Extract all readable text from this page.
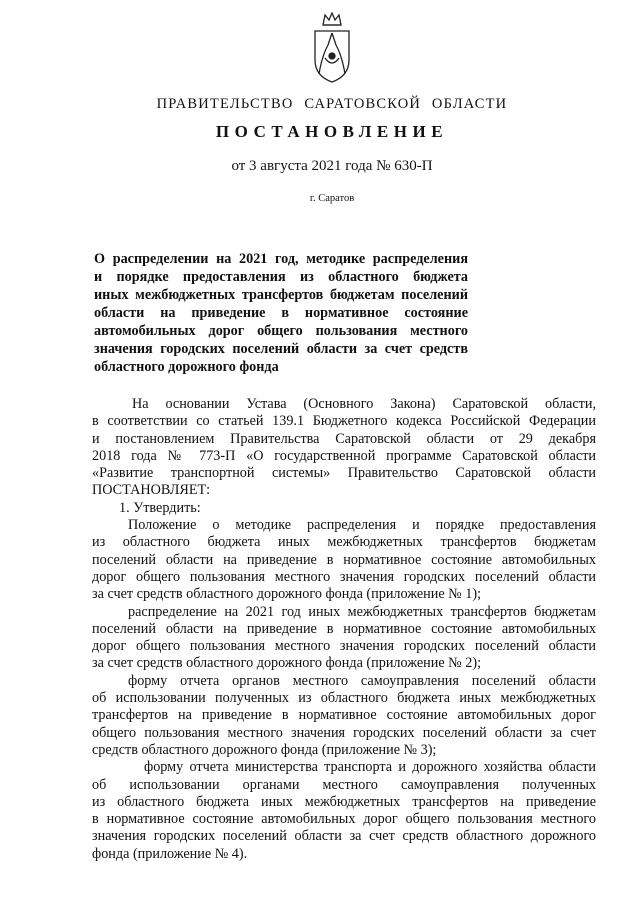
ПРАВИТЕЛЬСТВО САРАТОВСКОЙ ОБЛАСТИ
ПОСТАНОВЛЕНИЕ
от 3 августа 2021 года № 630-П
г. Саратов
О распределении на 2021 год, методике распределения
и порядке предоставления из областного бюджета
иных межбюджетных трансфертов бюджетам поселений
области на приведение в нормативное состояние
автомобильных дорог общего пользования местного
значения городских поселений области за счет средств
областного дорожного фонда
На основании Устава (Основного Закона) Саратовской области,
в соответствии со статьей 139.1 Бюджетного кодекса Российской Федерации
и постановлением Правительства Саратовской области от 29 декабря
2018 года № 773-П «О государственной программе Саратовской области
«Развитие транспортной системы» Правительство Саратовской области
ПОСТАНОВЛЯЕТ:
1. Утвердить:
Положение о методике распределения и порядке предоставления
из областного бюджета иных межбюджетных трансфертов бюджетам
поселений области на приведение в нормативное состояние автомобильных
дорог общего пользования местного значения городских поселений области
за счет средств областного дорожного фонда (приложение № 1);
распределение на 2021 год иных межбюджетных трансфертов бюджетам
поселений области на приведение в нормативное состояние автомобильных
дорог общего пользования местного значения городских поселений области
за счет средств областного дорожного фонда (приложение № 2);
форму отчета органов местного самоуправления поселений области
об использовании полученных из областного бюджета иных межбюджетных
трансфертов на приведение в нормативное состояние автомобильных дорог
общего пользования местного значения городских поселений области за счет
средств областного дорожного фонда (приложение № 3);
форму отчета министерства транспорта и дорожного хозяйства области
об использовании органами местного самоуправления полученных
из областного бюджета иных межбюджетных трансфертов на приведение
в нормативное состояние автомобильных дорог общего пользования местного
значения городских поселений области за счет средств областного дорожного
фонда (приложение № 4).
